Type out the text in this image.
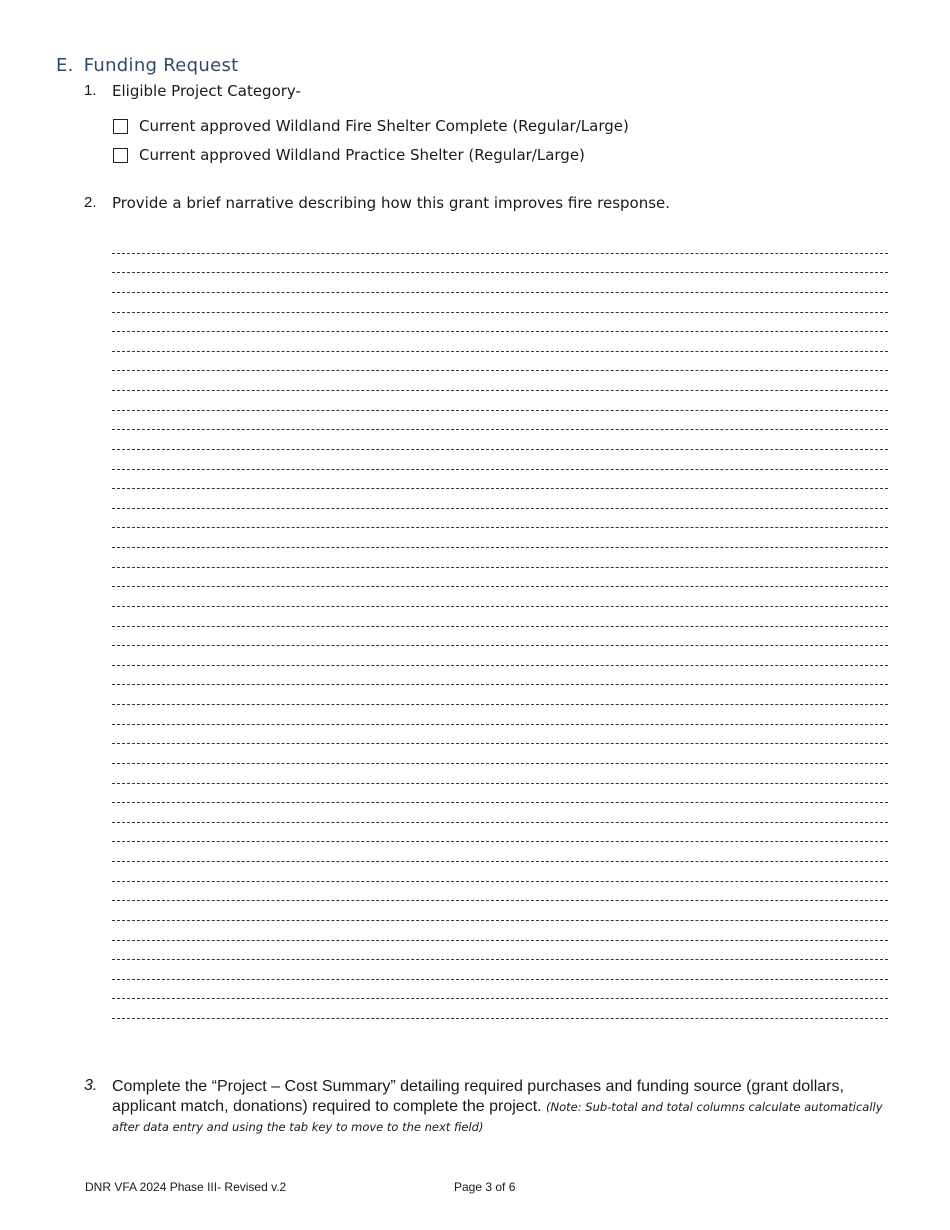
E. Funding Request
1. Eligible Project Category-
Current approved Wildland Fire Shelter Complete (Regular/Large)
Current approved Wildland Practice Shelter (Regular/Large)
2. Provide a brief narrative describing how this grant improves fire response.
3. Complete the “Project – Cost Summary” detailing required purchases and funding source (grant dollars, applicant match, donations) required to complete the project. (Note: Sub-total and total columns calculate automatically after data entry and using the tab key to move to the next field)
DNR VFA 2024 Phase III- Revised v.2	Page 3 of 6
